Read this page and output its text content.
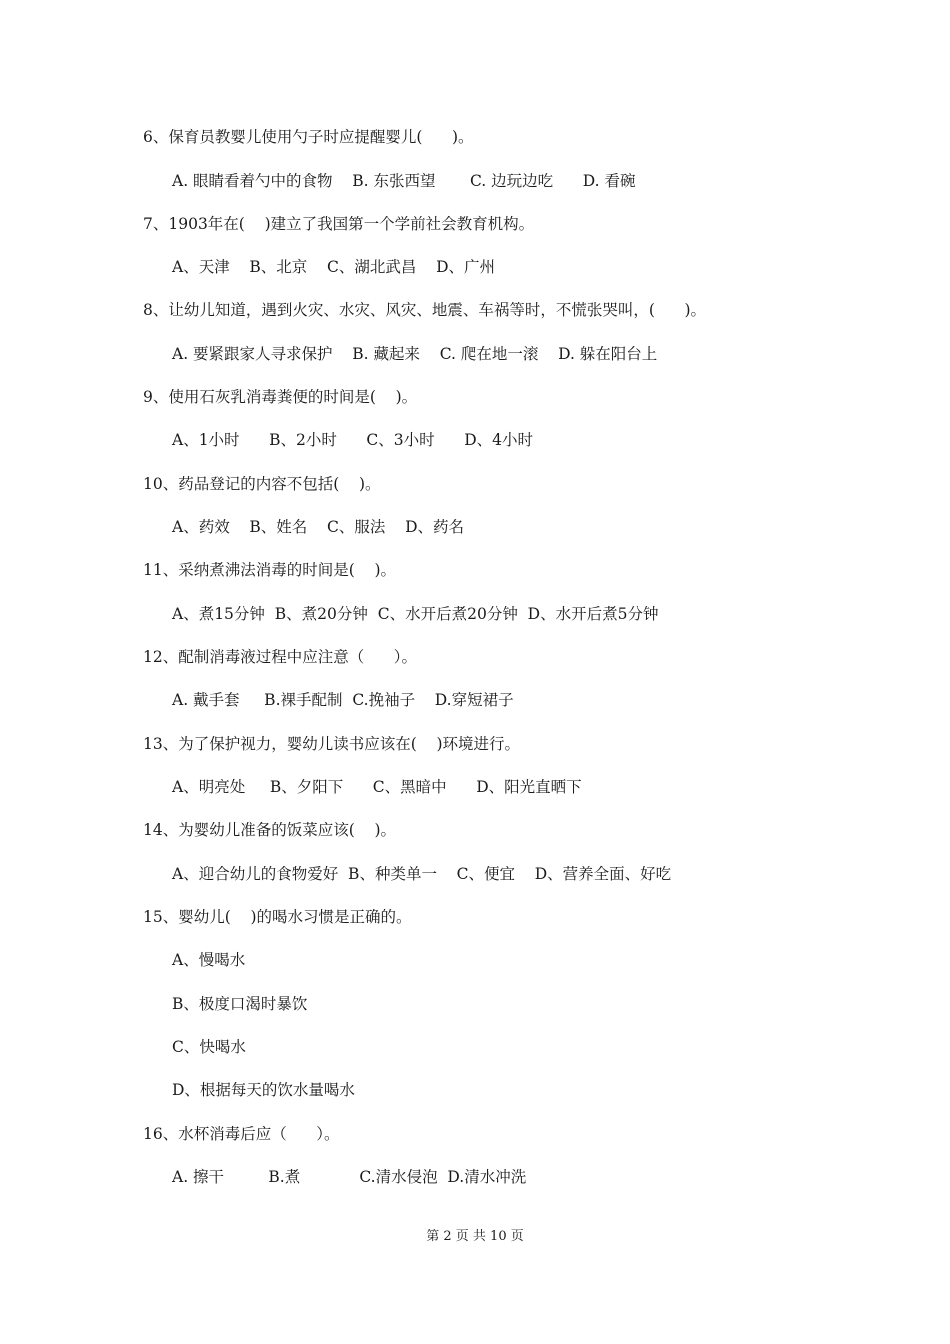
6、保育员教婴儿使用勺子时应提醒婴儿(      )。
A. 眼睛看着勺中的食物    B. 东张西望       C. 边玩边吃      D. 看碗
7、1903年在(    )建立了我国第一个学前社会教育机构。
A、天津    B、北京    C、湖北武昌    D、广州
8、让幼儿知道，遇到火灾、水灾、风灾、地震、车祸等时，不慌张哭叫，(      )。
A. 要紧跟家人寻求保护    B. 藏起来    C. 爬在地一滚    D. 躲在阳台上
9、使用石灰乳消毒粪便的时间是(    )。
A、1小时      B、2小时      C、3小时      D、4小时
10、药品登记的内容不包括(    )。
A、药效    B、姓名    C、服法    D、药名
11、采纳煮沸法消毒的时间是(    )。
A、煮15分钟  B、煮20分钟  C、水开后煮20分钟  D、水开后煮5分钟
12、配制消毒液过程中应注意（      ）。
A. 戴手套     B.裸手配制  C.挽袖子    D.穿短裙子
13、为了保护视力，婴幼儿读书应该在(    )环境进行。
A、明亮处     B、夕阳下      C、黑暗中      D、阳光直晒下
14、为婴幼儿准备的饭菜应该(    )。
A、迎合幼儿的食物爱好  B、种类单一    C、便宜    D、营养全面、好吃
15、婴幼儿(    )的喝水习惯是正确的。
A、慢喝水
B、极度口渴时暴饮
C、快喝水
D、根据每天的饮水量喝水
16、水杯消毒后应（      ）。
A. 擦干         B.煮            C.清水侵泡  D.清水冲洗
第 2 页 共 10 页
